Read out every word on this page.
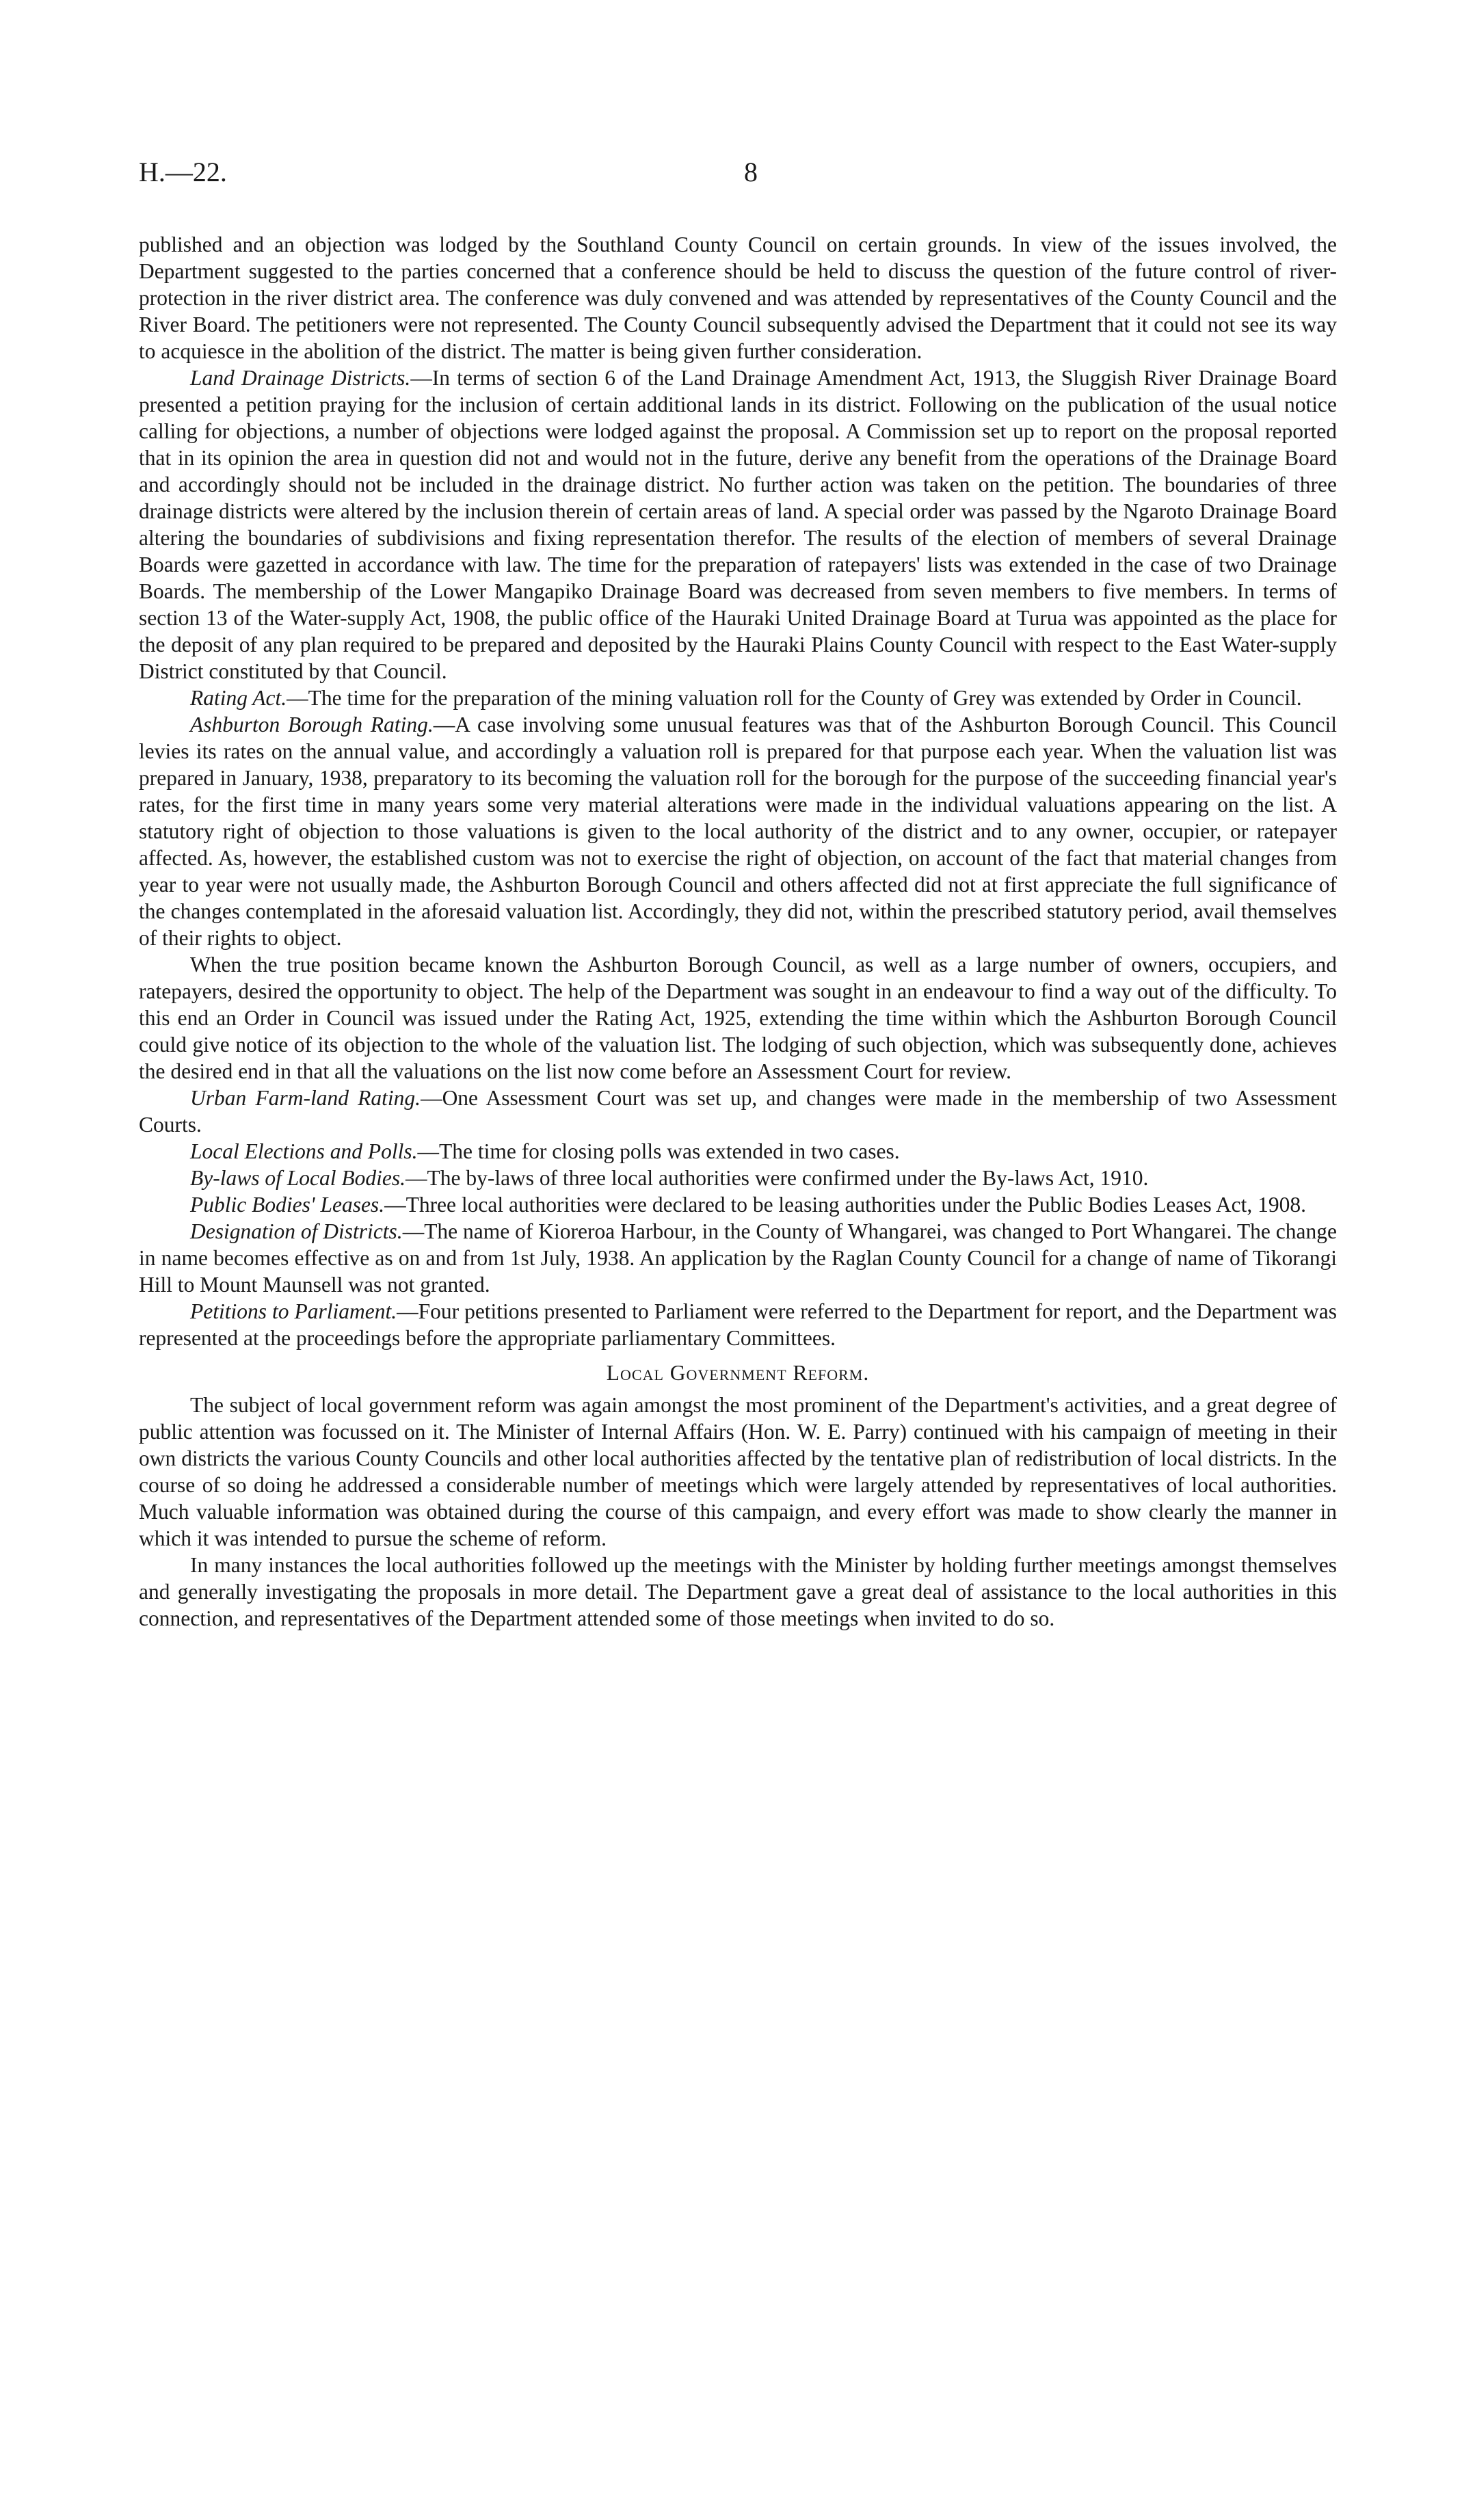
H.—22.	8

published and an objection was lodged by the Southland County Council on certain grounds. In view of the issues involved, the Department suggested to the parties concerned that a conference should be held to discuss the question of the future control of river-protection in the river district area. The conference was duly convened and was attended by representatives of the County Council and the River Board. The petitioners were not represented. The County Council subsequently advised the Department that it could not see its way to acquiesce in the abolition of the district. The matter is being given further consideration.

Land Drainage Districts.—In terms of section 6 of the Land Drainage Amendment Act, 1913, the Sluggish River Drainage Board presented a petition praying for the inclusion of certain additional lands in its district. Following on the publication of the usual notice calling for objections, a number of objections were lodged against the proposal. A Commission set up to report on the proposal reported that in its opinion the area in question did not and would not in the future, derive any benefit from the operations of the Drainage Board and accordingly should not be included in the drainage district. No further action was taken on the petition. The boundaries of three drainage districts were altered by the inclusion therein of certain areas of land. A special order was passed by the Ngaroto Drainage Board altering the boundaries of subdivisions and fixing representation therefor. The results of the election of members of several Drainage Boards were gazetted in accordance with law. The time for the preparation of ratepayers' lists was extended in the case of two Drainage Boards. The membership of the Lower Mangapiko Drainage Board was decreased from seven members to five members. In terms of section 13 of the Water-supply Act, 1908, the public office of the Hauraki United Drainage Board at Turua was appointed as the place for the deposit of any plan required to be prepared and deposited by the Hauraki Plains County Council with respect to the East Water-supply District constituted by that Council.

Rating Act.—The time for the preparation of the mining valuation roll for the County of Grey was extended by Order in Council.

Ashburton Borough Rating.—A case involving some unusual features was that of the Ashburton Borough Council. This Council levies its rates on the annual value, and accordingly a valuation roll is prepared for that purpose each year. When the valuation list was prepared in January, 1938, preparatory to its becoming the valuation roll for the borough for the purpose of the succeeding financial year's rates, for the first time in many years some very material alterations were made in the individual valuations appearing on the list. A statutory right of objection to those valuations is given to the local authority of the district and to any owner, occupier, or ratepayer affected. As, however, the established custom was not to exercise the right of objection, on account of the fact that material changes from year to year were not usually made, the Ashburton Borough Council and others affected did not at first appreciate the full significance of the changes contemplated in the aforesaid valuation list. Accordingly, they did not, within the prescribed statutory period, avail themselves of their rights to object.

When the true position became known the Ashburton Borough Council, as well as a large number of owners, occupiers, and ratepayers, desired the opportunity to object. The help of the Department was sought in an endeavour to find a way out of the difficulty. To this end an Order in Council was issued under the Rating Act, 1925, extending the time within which the Ashburton Borough Council could give notice of its objection to the whole of the valuation list. The lodging of such objection, which was subsequently done, achieves the desired end in that all the valuations on the list now come before an Assessment Court for review.

Urban Farm-land Rating.—One Assessment Court was set up, and changes were made in the membership of two Assessment Courts.

Local Elections and Polls.—The time for closing polls was extended in two cases.

By-laws of Local Bodies.—The by-laws of three local authorities were confirmed under the By-laws Act, 1910.

Public Bodies' Leases.—Three local authorities were declared to be leasing authorities under the Public Bodies Leases Act, 1908.

Designation of Districts.—The name of Kioreroa Harbour, in the County of Whangarei, was changed to Port Whangarei. The change in name becomes effective as on and from 1st July, 1938. An application by the Raglan County Council for a change of name of Tikorangi Hill to Mount Maunsell was not granted.

Petitions to Parliament.—Four petitions presented to Parliament were referred to the Department for report, and the Department was represented at the proceedings before the appropriate parliamentary Committees.

Local Government Reform.

The subject of local government reform was again amongst the most prominent of the Department's activities, and a great degree of public attention was focussed on it. The Minister of Internal Affairs (Hon. W. E. Parry) continued with his campaign of meeting in their own districts the various County Councils and other local authorities affected by the tentative plan of redistribution of local districts. In the course of so doing he addressed a considerable number of meetings which were largely attended by representatives of local authorities. Much valuable information was obtained during the course of this campaign, and every effort was made to show clearly the manner in which it was intended to pursue the scheme of reform.

In many instances the local authorities followed up the meetings with the Minister by holding further meetings amongst themselves and generally investigating the proposals in more detail. The Department gave a great deal of assistance to the local authorities in this connection, and representatives of the Department attended some of those meetings when invited to do so.
